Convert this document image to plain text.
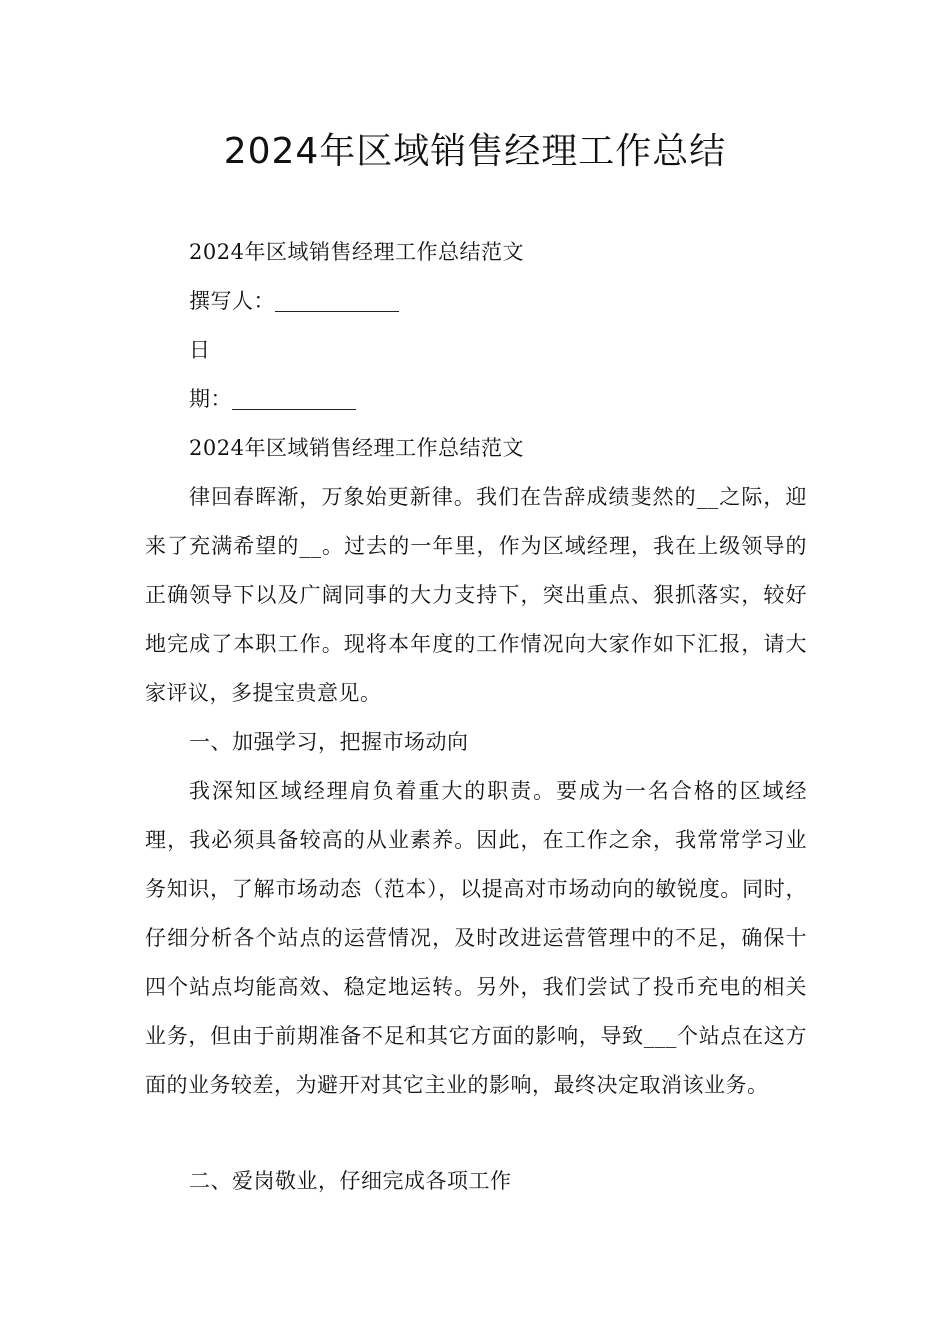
2024年区域销售经理工作总结

2024年区域销售经理工作总结范文

撰写人：

日

期：

2024年区域销售经理工作总结范文

律回春晖渐，万象始更新律。我们在告辞成绩斐然的__之际，迎来了充满希望的__。过去的一年里，作为区域经理，我在上级领导的正确领导下以及广阔同事的大力支持下，突出重点、狠抓落实，较好地完成了本职工作。现将本年度的工作情况向大家作如下汇报，请大家评议，多提宝贵意见。

一、加强学习，把握市场动向

我深知区域经理肩负着重大的职责。要成为一名合格的区域经理，我必须具备较高的从业素养。因此，在工作之余，我常常学习业务知识，了解市场动态（范本），以提高对市场动向的敏锐度。同时，仔细分析各个站点的运营情况，及时改进运营管理中的不足，确保十四个站点均能高效、稳定地运转。另外，我们尝试了投币充电的相关业务，但由于前期准备不足和其它方面的影响，导致___个站点在这方面的业务较差，为避开对其它主业的影响，最终决定取消该业务。

二、爱岗敬业，仔细完成各项工作
